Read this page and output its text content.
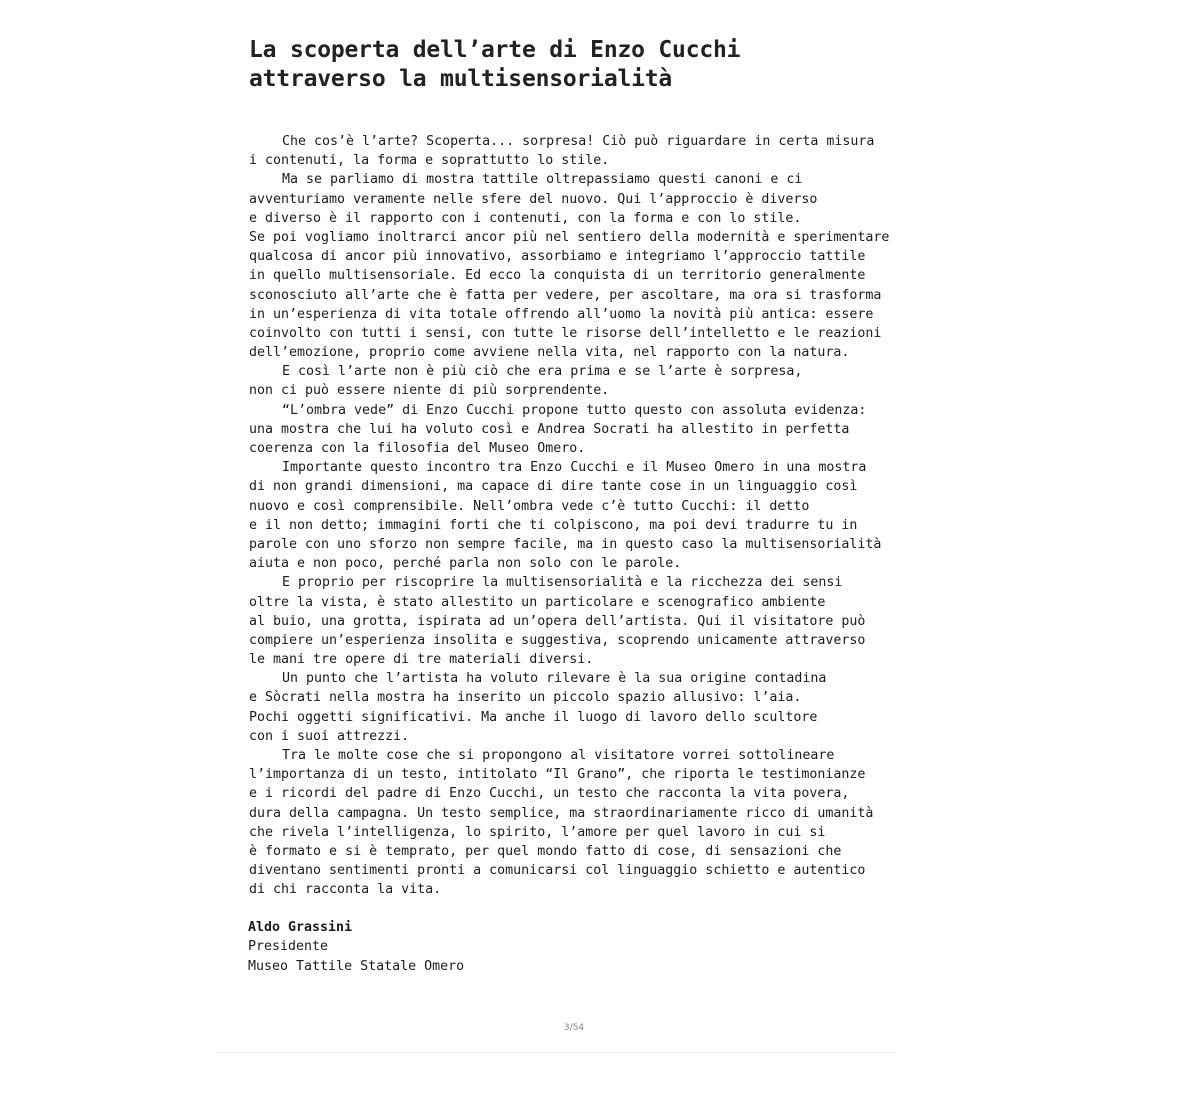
La scoperta dell’arte di Enzo Cucchi
attraverso la multisensorialità
Che cos’è l’arte? Scoperta... sorpresa! Ciò può riguardare in certa misura
i contenuti, la forma e soprattutto lo stile.
Ma se parliamo di mostra tattile oltrepassiamo questi canoni e ci
avventuriamo veramente nelle sfere del nuovo. Qui l’approccio è diverso
e diverso è il rapporto con i contenuti, con la forma e con lo stile.
Se poi vogliamo inoltrarci ancor più nel sentiero della modernità e sperimentare
qualcosa di ancor più innovativo, assorbiamo e integriamo l’approccio tattile
in quello multisensoriale. Ed ecco la conquista di un territorio generalmente
sconosciuto all’arte che è fatta per vedere, per ascoltare, ma ora si trasforma
in un’esperienza di vita totale offrendo all’uomo la novità più antica: essere
coinvolto con tutti i sensi, con tutte le risorse dell’intelletto e le reazioni
dell’emozione, proprio come avviene nella vita, nel rapporto con la natura.
E così l’arte non è più ciò che era prima e se l’arte è sorpresa,
non ci può essere niente di più sorprendente.
“L’ombra vede” di Enzo Cucchi propone tutto questo con assoluta evidenza:
una mostra che lui ha voluto così e Andrea Socrati ha allestito in perfetta
coerenza con la filosofia del Museo Omero.
Importante questo incontro tra Enzo Cucchi e il Museo Omero in una mostra
di non grandi dimensioni, ma capace di dire tante cose in un linguaggio così
nuovo e così comprensibile. Nell’ombra vede c’è tutto Cucchi: il detto
e il non detto; immagini forti che ti colpiscono, ma poi devi tradurre tu in
parole con uno sforzo non sempre facile, ma in questo caso la multisensorialità
aiuta e non poco, perché parla non solo con le parole.
E proprio per riscoprire la multisensorialità e la ricchezza dei sensi
oltre la vista, è stato allestito un particolare e scenografico ambiente
al buio, una grotta, ispirata ad un’opera dell’artista. Qui il visitatore può
compiere un’esperienza insolita e suggestiva, scoprendo unicamente attraverso
le mani tre opere di tre materiali diversi.
Un punto che l’artista ha voluto rilevare è la sua origine contadina
e Sòcrati nella mostra ha inserito un piccolo spazio allusivo: l’aia.
Pochi oggetti significativi. Ma anche il luogo di lavoro dello scultore
con i suoi attrezzi.
Tra le molte cose che si propongono al visitatore vorrei sottolineare
l’importanza di un testo, intitolato “Il Grano”, che riporta le testimonianze
e i ricordi del padre di Enzo Cucchi, un testo che racconta la vita povera,
dura della campagna. Un testo semplice, ma straordinariamente ricco di umanità
che rivela l’intelligenza, lo spirito, l’amore per quel lavoro in cui si
è formato e si è temprato, per quel mondo fatto di cose, di sensazioni che
diventano sentimenti pronti a comunicarsi col linguaggio schietto e autentico
di chi racconta la vita.
Aldo Grassini
Presidente
Museo Tattile Statale Omero
3/54
